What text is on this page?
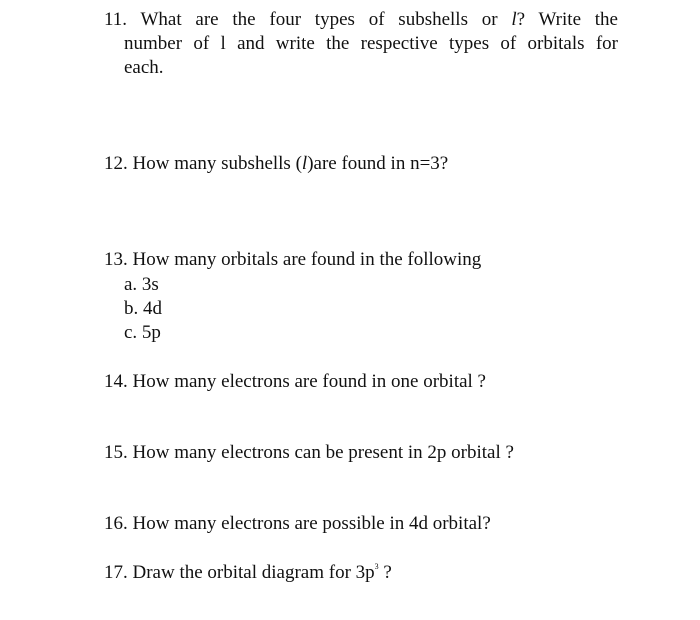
11. What are the four types of subshells or l? Write the
number of l and write the respective types of orbitals for
each.

12. How many subshells (l)are found in n=3?

13. How many orbitals are found in the following

a. 3s

b. 4d

c. 5p

14. How many electrons are found in one orbital ?

15. How many electrons can be present in 2p orbital ?

16. How many electrons are possible in 4d orbital?

17. Draw the orbital diagram for $3p^3$ ?
